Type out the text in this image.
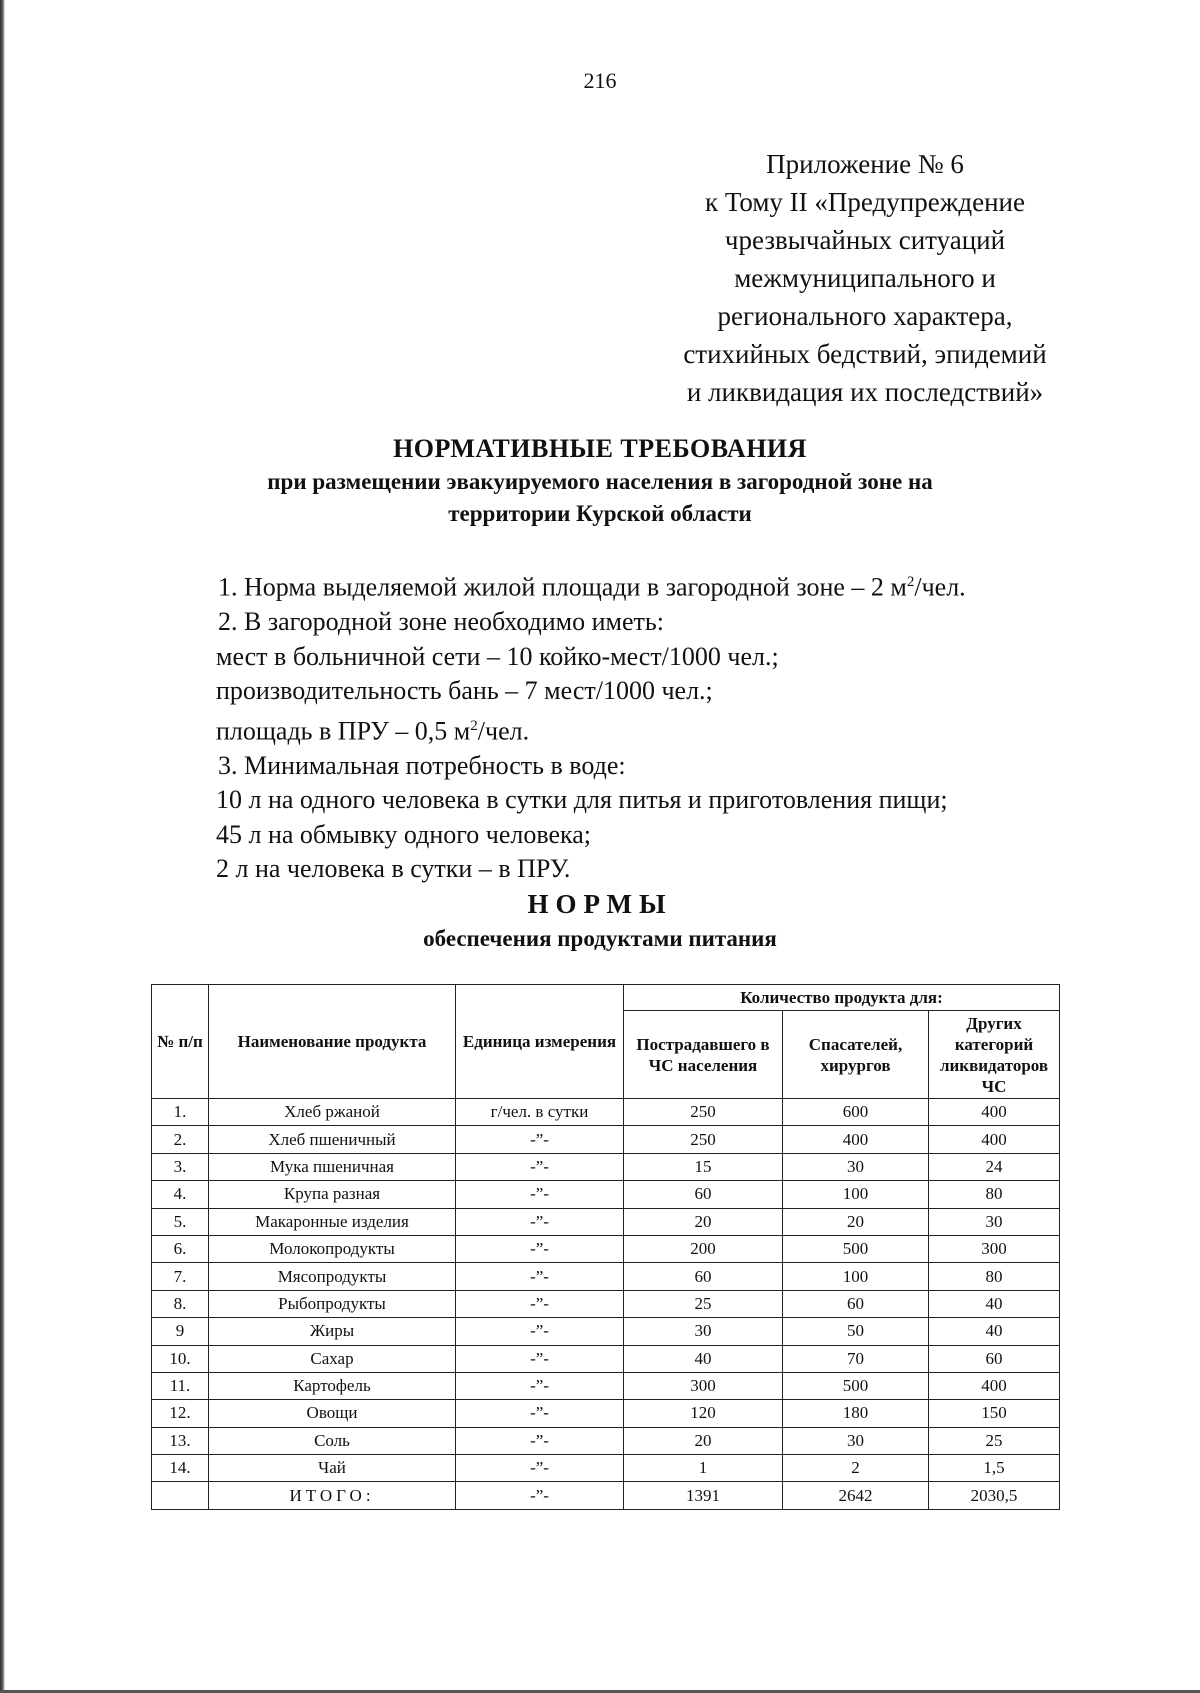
216
Приложение № 6
к Тому II «Предупреждение
чрезвычайных ситуаций
межмуниципального и
регионального характера,
стихийных бедствий, эпидемий
и ликвидация их последствий»
НОРМАТИВНЫЕ ТРЕБОВАНИЯ
при размещении эвакуируемого населения в загородной зоне на
территории Курской области
1. Норма выделяемой жилой площади в загородной зоне – 2 $м^2$/чел.
2. В загородной зоне необходимо иметь:
мест в больничной сети – 10 койко-мест/1000 чел.;
производительность бань – 7 мест/1000 чел.;
площадь в ПРУ – 0,5 $м^2$/чел.
3. Минимальная потребность в воде:
10 л на одного человека в сутки для питья и приготовления пищи;
45 л на обмывку одного человека;
2 л на человека в сутки – в ПРУ.
НОРМЫ
обеспечения продуктами питания
№ п/п	Наименование продукта	Единица измерения	Количество продукта для:		
			Пострадавшего в ЧС населения	Спасателей, хирургов	Других категорий ликвидаторов ЧС
1.	Хлеб ржаной	г/чел. в сутки	250	600	400
2.	Хлеб пшеничный	-”-	250	400	400
3.	Мука пшеничная	-”-	15	30	24
4.	Крупа разная	-”-	60	100	80
5.	Макаронные изделия	-”-	20	20	30
6.	Молокопродукты	-”-	200	500	300
7.	Мясопродукты	-”-	60	100	80
8.	Рыбопродукты	-”-	25	60	40
9	Жиры	-”-	30	50	40
10.	Сахар	-”-	40	70	60
11.	Картофель	-”-	300	500	400
12.	Овощи	-”-	120	180	150
13.	Соль	-”-	20	30	25
14.	Чай	-”-	1	2	1,5
	ИТОГО:	-”-	1391	2642	2030,5
